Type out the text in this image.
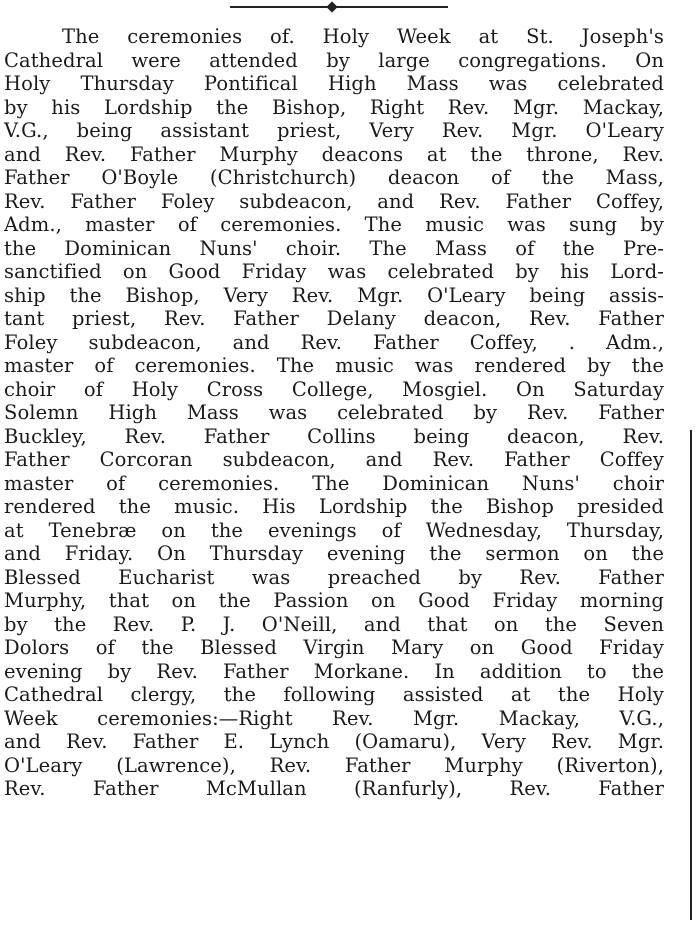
The ceremonies of. Holy Week at St. Joseph's
Cathedral were attended by large congregations. On
Holy Thursday Pontifical High Mass was celebrated
by his Lordship the Bishop, Right Rev. Mgr. Mackay,
V.G., being assistant priest, Very Rev. Mgr. O'Leary
and Rev. Father Murphy deacons at the throne, Rev.
Father O'Boyle (Christchurch) deacon of the Mass,
Rev. Father Foley subdeacon, and Rev. Father Coffey,
Adm., master of ceremonies. The music was sung by
the Dominican Nuns' choir. The Mass of the Pre-
sanctified on Good Friday was celebrated by his Lord-
ship the Bishop, Very Rev. Mgr. O'Leary being assis-
tant priest, Rev. Father Delany deacon, Rev. Father
Foley subdeacon, and Rev. Father Coffey, . Adm.,
master of ceremonies. The music was rendered by the
choir of Holy Cross College, Mosgiel. On Saturday
Solemn High Mass was celebrated by Rev. Father
Buckley, Rev. Father Collins being deacon, Rev.
Father Corcoran subdeacon, and Rev. Father Coffey
master of ceremonies. The Dominican Nuns' choir
rendered the music. His Lordship the Bishop presided
at Tenebræ on the evenings of Wednesday, Thursday,
and Friday. On Thursday evening the sermon on the
Blessed Eucharist was preached by Rev. Father
Murphy, that on the Passion on Good Friday morning
by the Rev. P. J. O'Neill, and that on the Seven
Dolors of the Blessed Virgin Mary on Good Friday
evening by Rev. Father Morkane. In addition to the
Cathedral clergy, the following assisted at the Holy
Week ceremonies:—Right Rev. Mgr. Mackay, V.G.,
and Rev. Father E. Lynch (Oamaru), Very Rev. Mgr.
O'Leary (Lawrence), Rev. Father Murphy (Riverton),
Rev. Father McMullan (Ranfurly), Rev. Father
